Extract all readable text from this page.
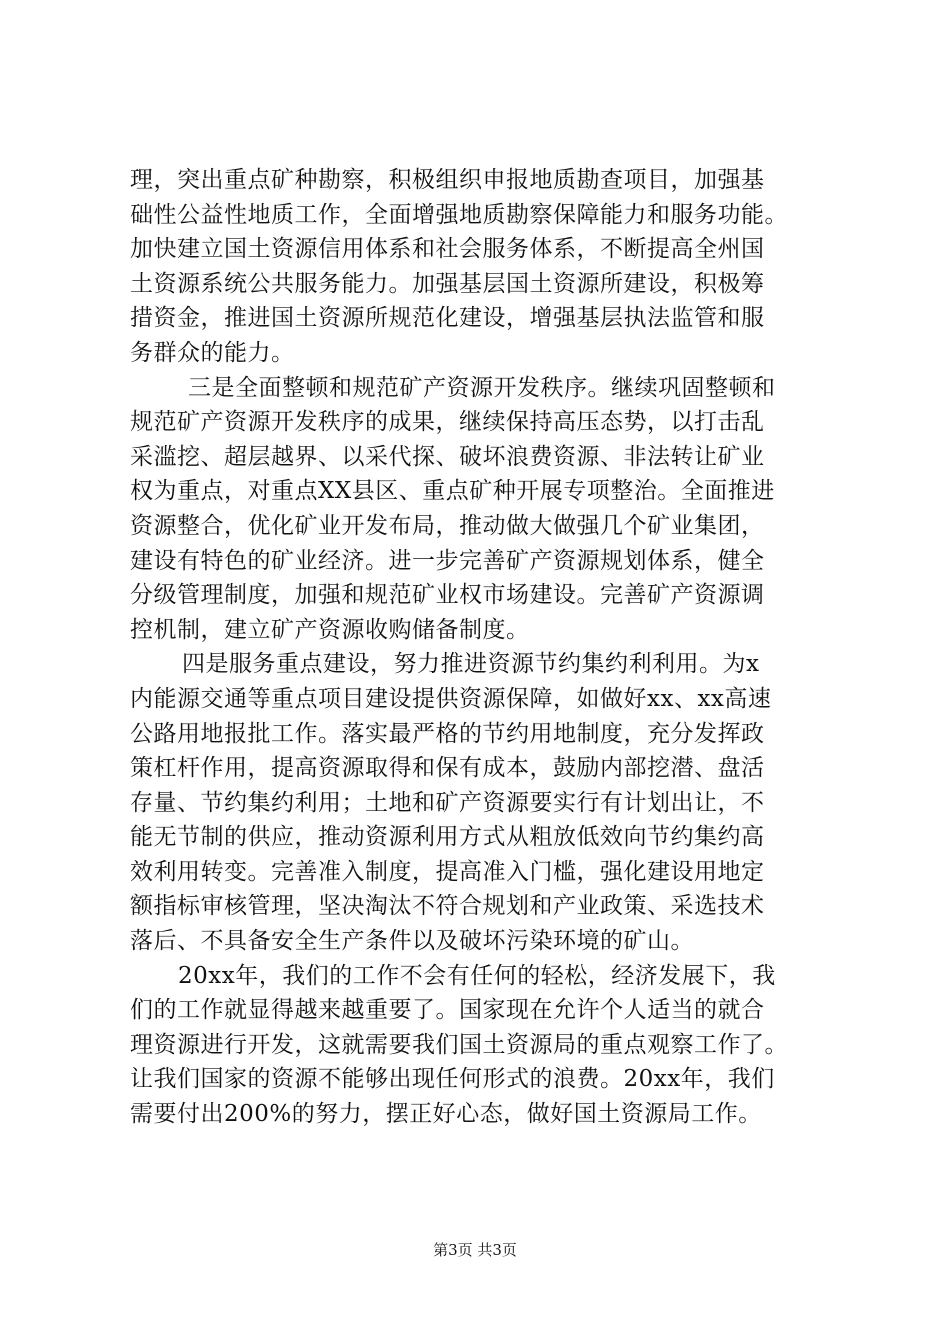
理，突出重点矿种勘察，积极组织申报地质勘查项目，加强基
础性公益性地质工作，全面增强地质勘察保障能力和服务功能。
加快建立国土资源信用体系和社会服务体系，不断提高全州国
土资源系统公共服务能力。加强基层国土资源所建设，积极筹
措资金，推进国土资源所规范化建设，增强基层执法监管和服
务群众的能力。
三是全面整顿和规范矿产资源开发秩序。继续巩固整顿和
规范矿产资源开发秩序的成果，继续保持高压态势，以打击乱
采滥挖、超层越界、以采代探、破坏浪费资源、非法转让矿业
权为重点，对重点XX县区、重点矿种开展专项整治。全面推进
资源整合，优化矿业开发布局，推动做大做强几个矿业集团，
建设有特色的矿业经济。进一步完善矿产资源规划体系，健全
分级管理制度，加强和规范矿业权市场建设。完善矿产资源调
控机制，建立矿产资源收购储备制度。
四是服务重点建设，努力推进资源节约集约利利用。为x
内能源交通等重点项目建设提供资源保障，如做好xx、xx高速
公路用地报批工作。落实最严格的节约用地制度，充分发挥政
策杠杆作用，提高资源取得和保有成本，鼓励内部挖潜、盘活
存量、节约集约利用；土地和矿产资源要实行有计划出让，不
能无节制的供应，推动资源利用方式从粗放低效向节约集约高
效利用转变。完善准入制度，提高准入门槛，强化建设用地定
额指标审核管理，坚决淘汰不符合规划和产业政策、采选技术
落后、不具备安全生产条件以及破坏污染环境的矿山。
20xx年，我们的工作不会有任何的轻松，经济发展下，我
们的工作就显得越来越重要了。国家现在允许个人适当的就合
理资源进行开发，这就需要我们国土资源局的重点观察工作了。
让我们国家的资源不能够出现任何形式的浪费。20xx年，我们
需要付出200%的努力，摆正好心态，做好国土资源局工作。
第3页 共3页
